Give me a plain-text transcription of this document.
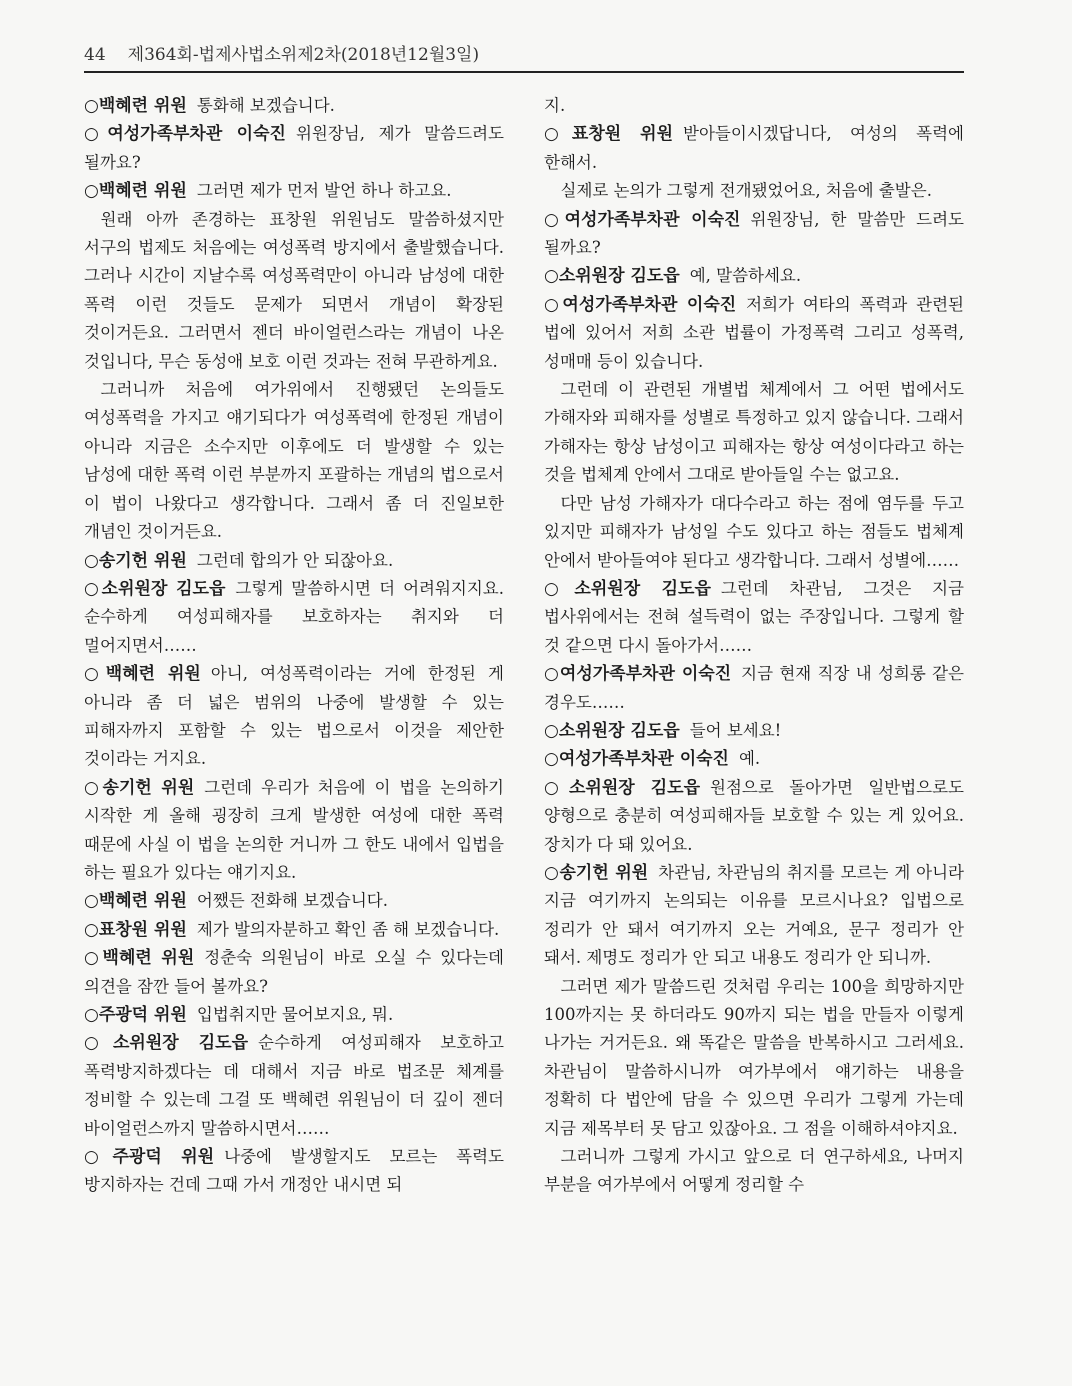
44 제364회-법제사법소위제2차(2018년12월3일)

○백혜련 위원 통화해 보겠습니다.

○여성가족부차관 이숙진 위원장님, 제가 말씀드려도 될까요?

○백혜련 위원 그러면 제가 먼저 발언 하나 하고요.

원래 아까 존경하는 표창원 위원님도 말씀하셨지만 서구의 법제도 처음에는 여성폭력 방지에서 출발했습니다. 그러나 시간이 지날수록 여성폭력만이 아니라 남성에 대한 폭력 이런 것들도 문제가 되면서 개념이 확장된 것이거든요. 그러면서 젠더 바이얼런스라는 개념이 나온 것입니다, 무슨 동성애 보호 이런 것과는 전혀 무관하게요.

그러니까 처음에 여가위에서 진행됐던 논의들도 여성폭력을 가지고 얘기되다가 여성폭력에 한정된 개념이 아니라 지금은 소수지만 이후에도 더 발생할 수 있는 남성에 대한 폭력 이런 부분까지 포괄하는 개념의 법으로서 이 법이 나왔다고 생각합니다. 그래서 좀 더 진일보한 개념인 것이거든요.

○송기헌 위원 그런데 합의가 안 되잖아요.

○소위원장 김도읍 그렇게 말씀하시면 더 어려워지지요. 순수하게 여성피해자를 보호하자는 취지와 더 멀어지면서……

○백혜련 위원 아니, 여성폭력이라는 거에 한정된 게 아니라 좀 더 넓은 범위의 나중에 발생할 수 있는 피해자까지 포함할 수 있는 법으로서 이것을 제안한 것이라는 거지요.

○송기헌 위원 그런데 우리가 처음에 이 법을 논의하기 시작한 게 올해 굉장히 크게 발생한 여성에 대한 폭력 때문에 사실 이 법을 논의한 거니까 그 한도 내에서 입법을 하는 필요가 있다는 얘기지요.

○백혜련 위원 어쨌든 전화해 보겠습니다.

○표창원 위원 제가 발의자분하고 확인 좀 해 보겠습니다.

○백혜련 위원 정춘숙 의원님이 바로 오실 수 있다는데 의견을 잠깐 들어 볼까요?

○주광덕 위원 입법취지만 물어보지요, 뭐.

○소위원장 김도읍 순수하게 여성피해자 보호하고 폭력방지하겠다는 데 대해서 지금 바로 법조문 체계를 정비할 수 있는데 그걸 또 백혜련 위원님이 더 깊이 젠더 바이얼런스까지 말씀하시면서……

○주광덕 위원 나중에 발생할지도 모르는 폭력도 방지하자는 건데 그때 가서 개정안 내시면 되

지.

○표창원 위원 받아들이시겠답니다, 여성의 폭력에 한해서.

실제로 논의가 그렇게 전개됐었어요, 처음에 출발은.

○여성가족부차관 이숙진 위원장님, 한 말씀만 드려도 될까요?

○소위원장 김도읍 예, 말씀하세요.

○여성가족부차관 이숙진 저희가 여타의 폭력과 관련된 법에 있어서 저희 소관 법률이 가정폭력 그리고 성폭력, 성매매 등이 있습니다.

그런데 이 관련된 개별법 체계에서 그 어떤 법에서도 가해자와 피해자를 성별로 특정하고 있지 않습니다. 그래서 가해자는 항상 남성이고 피해자는 항상 여성이다라고 하는 것을 법체계 안에서 그대로 받아들일 수는 없고요.

다만 남성 가해자가 대다수라고 하는 점에 염두를 두고 있지만 피해자가 남성일 수도 있다고 하는 점들도 법체계 안에서 받아들여야 된다고 생각합니다. 그래서 성별에……

○소위원장 김도읍 그런데 차관님, 그것은 지금 법사위에서는 전혀 설득력이 없는 주장입니다. 그렇게 할 것 같으면 다시 돌아가서……

○여성가족부차관 이숙진 지금 현재 직장 내 성희롱 같은 경우도……

○소위원장 김도읍 들어 보세요!

○여성가족부차관 이숙진 예.

○소위원장 김도읍 원점으로 돌아가면 일반법으로도 양형으로 충분히 여성피해자들 보호할 수 있는 게 있어요. 장치가 다 돼 있어요.

○송기헌 위원 차관님, 차관님의 취지를 모르는 게 아니라 지금 여기까지 논의되는 이유를 모르시나요? 입법으로 정리가 안 돼서 여기까지 오는 거예요, 문구 정리가 안 돼서. 제명도 정리가 안 되고 내용도 정리가 안 되니까.

그러면 제가 말씀드린 것처럼 우리는 100을 희망하지만 100까지는 못 하더라도 90까지 되는 법을 만들자 이렇게 나가는 거거든요. 왜 똑같은 말씀을 반복하시고 그러세요. 차관님이 말씀하시니까 여가부에서 얘기하는 내용을 정확히 다 법안에 담을 수 있으면 우리가 그렇게 가는데 지금 제목부터 못 담고 있잖아요. 그 점을 이해하셔야지요.

그러니까 그렇게 가시고 앞으로 더 연구하세요, 나머지 부분을 여가부에서 어떻게 정리할 수
